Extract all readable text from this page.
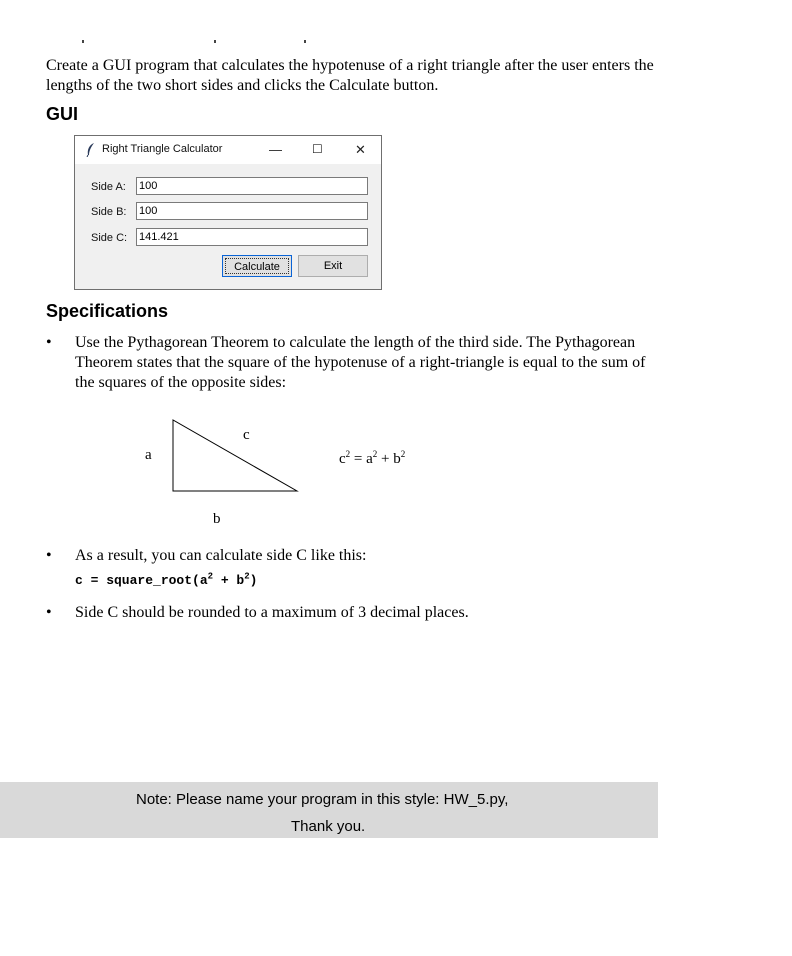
Create a GUI program that calculates the hypotenuse of a right triangle after the user enters the lengths of the two short sides and clicks the Calculate button.

GUI
Right Triangle Calculator	—	☐ ✕
Side A: 100
Side B: 100
Side C: 141.421
Calculate	Exit
Specifications
• Use the Pythagorean Theorem to calculate the length of the third side. The Pythagorean Theorem states that the square of the hypotenuse of a right-triangle is equal to the sum of the squares of the opposite sides:
a
c
b
$c^2 = a^2 + b^2$
• As a result, you can calculate side C like this:
$c = square\_root(a^2 + b^2)$
• Side C should be rounded to a maximum of 3 decimal places.
Note: Please name your program in this style: HW_5.py,
Thank you.
